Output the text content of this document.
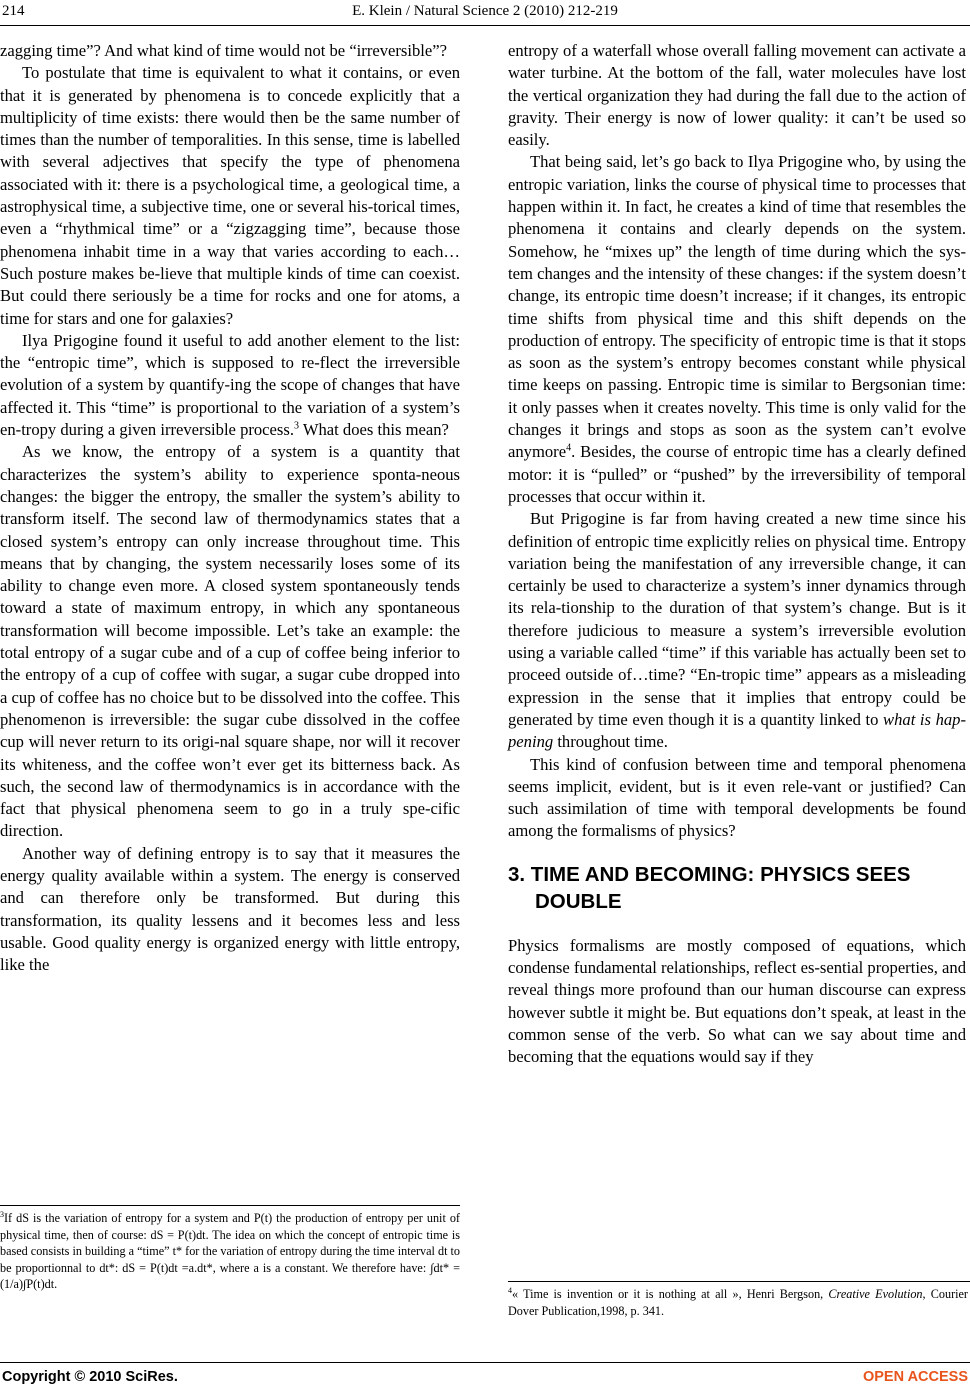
214	E. Klein / Natural Science 2 (2010) 212-219

zagging time”? And what kind of time would not be “irreversible”?

To postulate that time is equivalent to what it contains, or even that it is generated by phenomena is to concede explicitly that a multiplicity of time exists: there would then be the same number of times than the number of temporalities. In this sense, time is labelled with several adjectives that specify the type of phenomena associated with it: there is a psychological time, a geological time, a astrophysical time, a subjective time, one or several his-torical times, even a “rhythmical time” or a “zigzagging time”, because those phenomena inhabit time in a way that varies according to each… Such posture makes be-lieve that multiple kinds of time can coexist. But could there seriously be a time for rocks and one for atoms, a time for stars and one for galaxies?

Ilya Prigogine found it useful to add another element to the list: the “entropic time”, which is supposed to re-flect the irreversible evolution of a system by quantify-ing the scope of changes that have affected it. This “time” is proportional to the variation of a system’s en-tropy during a given irreversible process.$^3$ What does this mean?

As we know, the entropy of a system is a quantity that characterizes the system’s ability to experience sponta-neous changes: the bigger the entropy, the smaller the system’s ability to transform itself. The second law of thermodynamics states that a closed system’s entropy can only increase throughout time. This means that by changing, the system necessarily loses some of its ability to change even more. A closed system spontaneously tends toward a state of maximum entropy, in which any spontaneous transformation will become impossible. Let’s take an example: the total entropy of a sugar cube and of a cup of coffee being inferior to the entropy of a cup of coffee with sugar, a sugar cube dropped into a cup of coffee has no choice but to be dissolved into the coffee. This phenomenon is irreversible: the sugar cube dissolved in the coffee cup will never return to its origi-nal square shape, nor will it recover its whiteness, and the coffee won’t ever get its bitterness back. As such, the second law of thermodynamics is in accordance with the fact that physical phenomena seem to go in a truly spe-cific direction.

Another way of defining entropy is to say that it measures the energy quality available within a system. The energy is conserved and can therefore only be transformed. But during this transformation, its quality lessens and it becomes less and less usable. Good quality energy is organized energy with little entropy, like the

$^3$If dS is the variation of entropy for a system and P(t) the production of entropy per unit of physical time, then of course: dS = P(t)dt. The idea on which the concept of entropic time is based consists in building a “time” t* for the variation of entropy during the time interval dt to be proportionnal to dt*: dS = P(t)dt =a.dt*, where a is a constant. We therefore have: ∫dt* = (1/a)∫P(t)dt.

entropy of a waterfall whose overall falling movement can activate a water turbine. At the bottom of the fall, water molecules have lost the vertical organization they had during the fall due to the action of gravity. Their energy is now of lower quality: it can’t be used so easily.

That being said, let’s go back to Ilya Prigogine who, by using the entropic variation, links the course of physical time to processes that happen within it. In fact, he creates a kind of time that resembles the phenomena it contains and clearly depends on the system. Somehow, he “mixes up” the length of time during which the sys-tem changes and the intensity of these changes: if the system doesn’t change, its entropic time doesn’t increase; if it changes, its entropic time shifts from physical time and this shift depends on the production of entropy. The specificity of entropic time is that it stops as soon as the system’s entropy becomes constant while physical time keeps on passing. Entropic time is similar to Bergsonian time: it only passes when it creates novelty. This time is only valid for the changes it brings and stops as soon as the system can’t evolve anymore$^4$. Besides, the course of entropic time has a clearly defined motor: it is “pulled” or “pushed” by the irreversibility of temporal processes that occur within it.

But Prigogine is far from having created a new time since his definition of entropic time explicitly relies on physical time. Entropy variation being the manifestation of any irreversible change, it can certainly be used to characterize a system’s inner dynamics through its rela-tionship to the duration of that system’s change. But is it therefore judicious to measure a system’s irreversible evolution using a variable called “time” if this variable has actually been set to proceed outside of…time? “En-tropic time” appears as a misleading expression in the sense that it implies that entropy could be generated by time even though it is a quantity linked to what is hap-pening throughout time.

This kind of confusion between time and temporal phenomena seems implicit, evident, but is it even rele-vant or justified? Can such assimilation of time with temporal developments be found among the formalisms of physics?

3. TIME AND BECOMING: PHYSICS SEES DOUBLE

Physics formalisms are mostly composed of equations, which condense fundamental relationships, reflect es-sential properties, and reveal things more profound than our human discourse can express however subtle it might be. But equations don’t speak, at least in the common sense of the verb. So what can we say about time and becoming that the equations would say if they

$^4$« Time is invention or it is nothing at all », Henri Bergson, Creative Evolution, Courier Dover Publication,1998, p. 341.
Copyright © 2010 SciRes.	OPEN ACCESS
